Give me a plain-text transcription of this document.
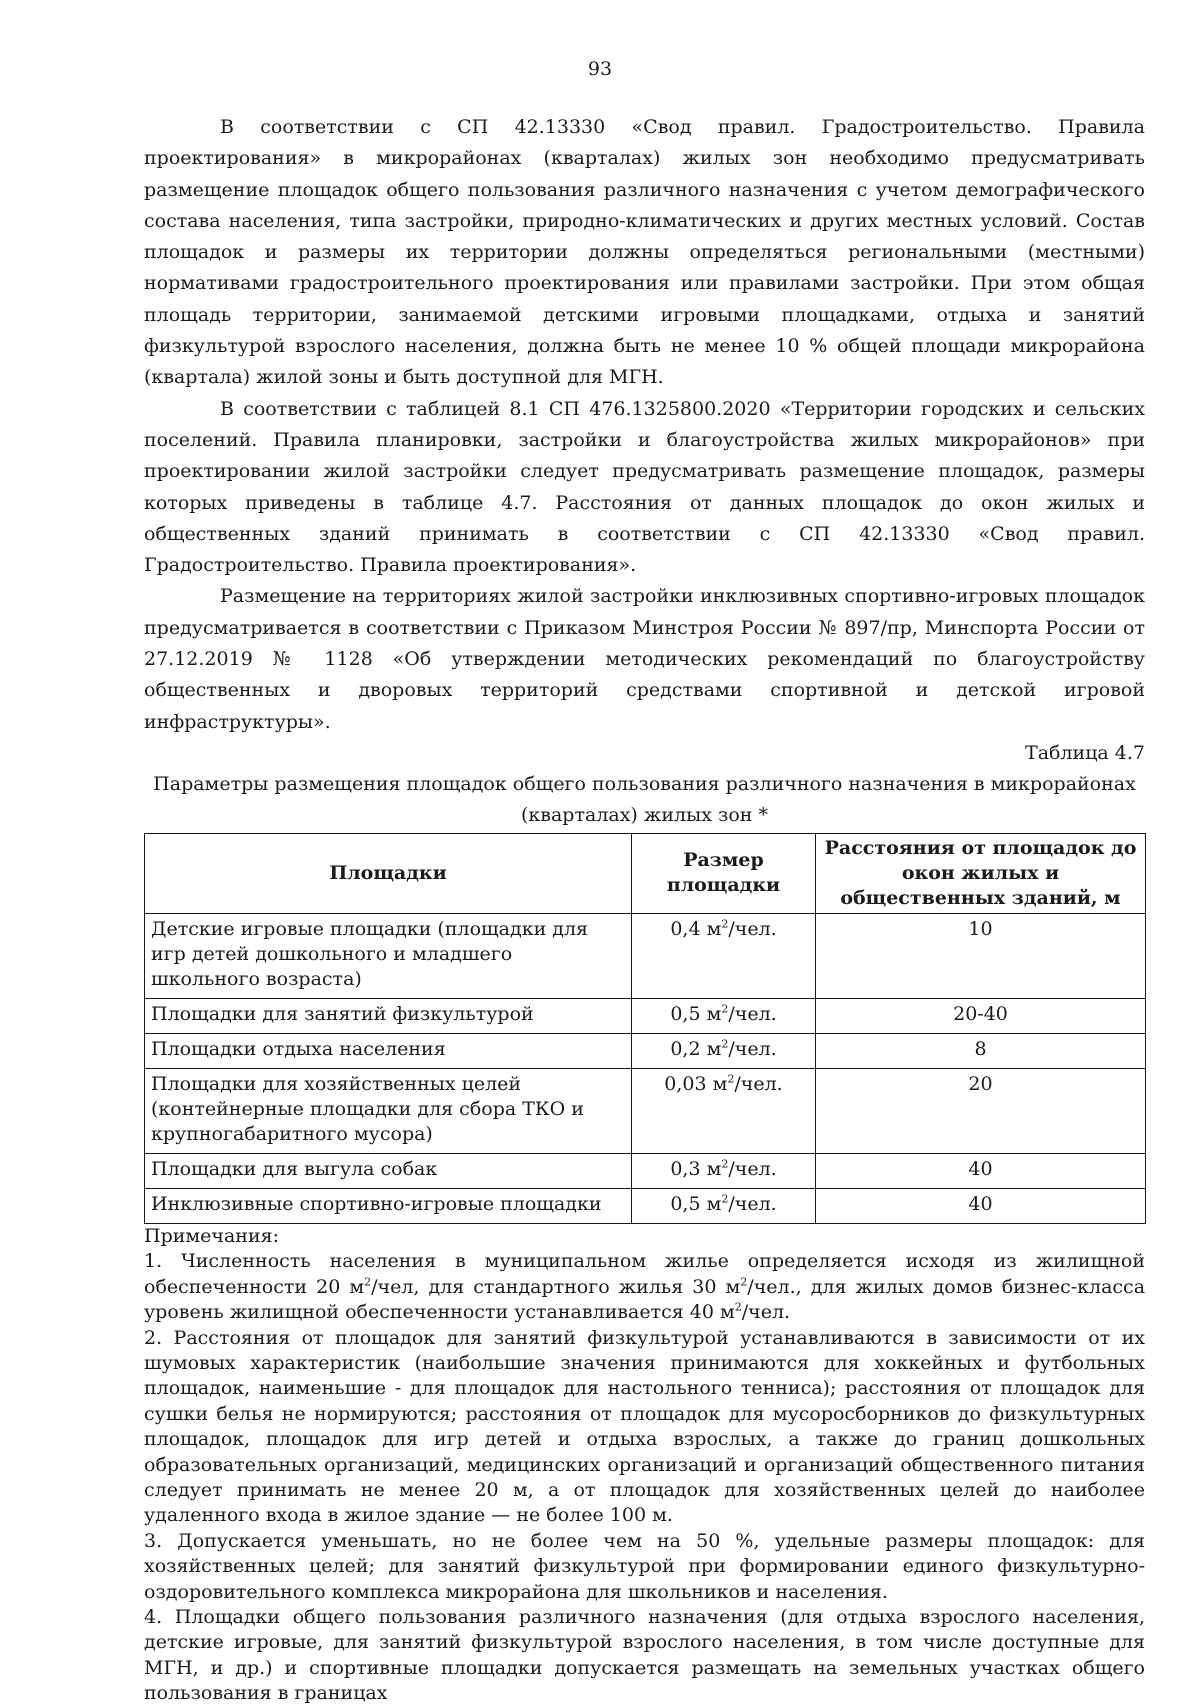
93

В соответствии с СП 42.13330 «Свод правил. Градостроительство. Правила проектирования» в микрорайонах (кварталах) жилых зон необходимо предусматривать размещение площадок общего пользования различного назначения с учетом демографического состава населения, типа застройки, природно-климатических и других местных условий. Состав площадок и размеры их территории должны определяться региональными (местными) нормативами градостроительного проектирования или правилами застройки. При этом общая площадь территории, занимаемой детскими игровыми площадками, отдыха и занятий физкультурой взрослого населения, должна быть не менее 10 % общей площади микрорайона (квартала) жилой зоны и быть доступной для МГН.

В соответствии с таблицей 8.1 СП 476.1325800.2020 «Территории городских и сельских поселений. Правила планировки, застройки и благоустройства жилых микрорайонов» при проектировании жилой застройки следует предусматривать размещение площадок, размеры которых приведены в таблице 4.7. Расстояния от данных площадок до окон жилых и общественных зданий принимать в соответствии с СП 42.13330 «Свод правил. Градостроительство. Правила проектирования».

Размещение на территориях жилой застройки инклюзивных спортивно-игровых площадок предусматривается в соответствии с Приказом Минстроя России № 897/пр, Минспорта России от 27.12.2019 № 1128 «Об утверждении методических рекомендаций по благоустройству общественных и дворовых территорий средствами спортивной и детской игровой инфраструктуры».

Таблица 4.7

Параметры размещения площадок общего пользования различного назначения в микрорайонах
(кварталах) жилых зон *

Площадки	Размер площадки	Расстояния от площадок до окон жилых и общественных зданий, м
Детские игровые площадки (площадки для игр детей дошкольного и младшего школьного возраста)	0,4 $м^2$/чел.	10
Площадки для занятий физкультурой	0,5 $м^2$/чел.	20-40
Площадки отдыха населения	0,2 $м^2$/чел.	8
Площадки для хозяйственных целей (контейнерные площадки для сбора ТКО и крупногабаритного мусора)	0,03 $м^2$/чел.	20
Площадки для выгула собак	0,3 $м^2$/чел.	40
Инклюзивные спортивно-игровые площадки	0,5 $м^2$/чел.	40

Примечания:

1. Численность населения в муниципальном жилье определяется исходя из жилищной обеспеченности 20 $м^2$/чел, для стандартного жилья 30 $м^2$/чел., для жилых домов бизнес-класса уровень жилищной обеспеченности устанавливается 40 $м^2$/чел.

2. Расстояния от площадок для занятий физкультурой устанавливаются в зависимости от их шумовых характеристик (наибольшие значения принимаются для хоккейных и футбольных площадок, наименьшие - для площадок для настольного тенниса); расстояния от площадок для сушки белья не нормируются; расстояния от площадок для мусоросборников до физкультурных площадок, площадок для игр детей и отдыха взрослых, а также до границ дошкольных образовательных организаций, медицинских организаций и организаций общественного питания следует принимать не менее 20 м, а от площадок для хозяйственных целей до наиболее удаленного входа в жилое здание — не более 100 м.

3. Допускается уменьшать, но не более чем на 50 %, удельные размеры площадок: для хозяйственных целей; для занятий физкультурой при формировании единого физкультурно-оздоровительного комплекса микрорайона для школьников и населения.

4. Площадки общего пользования различного назначения (для отдыха взрослого населения, детские игровые, для занятий физкультурой взрослого населения, в том числе доступные для МГН, и др.) и спортивные площадки допускается размещать на земельных участках общего пользования в границах
